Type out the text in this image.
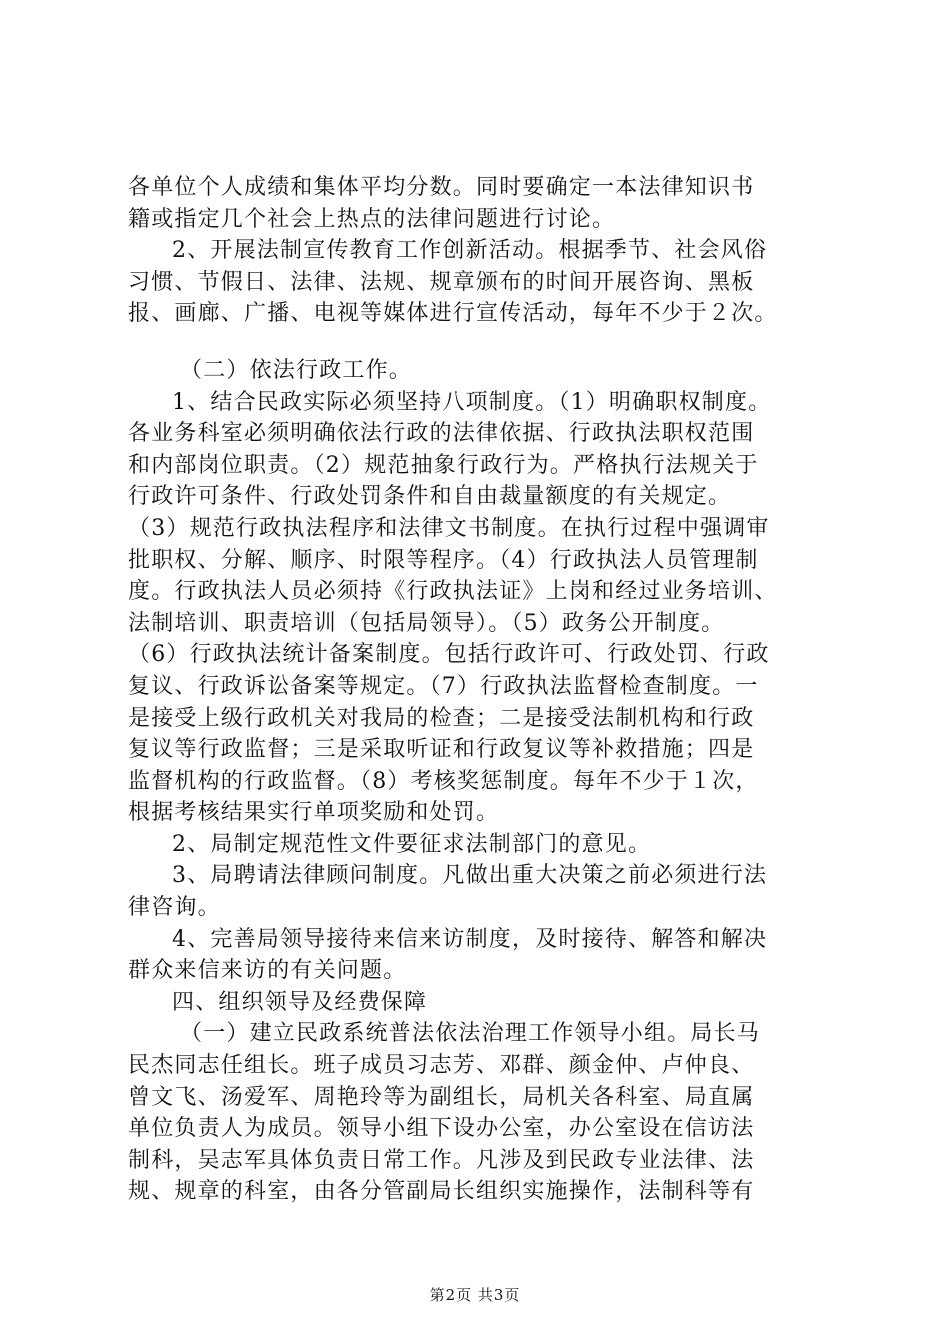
各单位个人成绩和集体平均分数。同时要确定一本法律知识书
籍或指定几个社会上热点的法律问题进行讨论。
2、开展法制宣传教育工作创新活动。根据季节、社会风俗
习惯、节假日、法律、法规、规章颁布的时间开展咨询、黑板
报、画廊、广播、电视等媒体进行宣传活动，每年不少于２次。
（二）依法行政工作。
1、结合民政实际必须坚持八项制度。（1）明确职权制度。
各业务科室必须明确依法行政的法律依据、行政执法职权范围
和内部岗位职责。（2）规范抽象行政行为。严格执行法规关于
行政许可条件、行政处罚条件和自由裁量额度的有关规定。
（3）规范行政执法程序和法律文书制度。在执行过程中强调审
批职权、分解、顺序、时限等程序。（4）行政执法人员管理制
度。行政执法人员必须持《行政执法证》上岗和经过业务培训、
法制培训、职责培训（包括局领导）。（5）政务公开制度。
（6）行政执法统计备案制度。包括行政许可、行政处罚、行政
复议、行政诉讼备案等规定。（7）行政执法监督检查制度。一
是接受上级行政机关对我局的检查；二是接受法制机构和行政
复议等行政监督；三是采取听证和行政复议等补救措施；四是
监督机构的行政监督。（8）考核奖惩制度。每年不少于１次，
根据考核结果实行单项奖励和处罚。
2、局制定规范性文件要征求法制部门的意见。
3、局聘请法律顾问制度。凡做出重大决策之前必须进行法
律咨询。
4、完善局领导接待来信来访制度，及时接待、解答和解决
群众来信来访的有关问题。
四、组织领导及经费保障
（一）建立民政系统普法依法治理工作领导小组。局长马
民杰同志任组长。班子成员习志芳、邓群、颜金仲、卢仲良、
曾文飞、汤爱军、周艳玲等为副组长，局机关各科室、局直属
单位负责人为成员。领导小组下设办公室，办公室设在信访法
制科，吴志军具体负责日常工作。凡涉及到民政专业法律、法
规、规章的科室，由各分管副局长组织实施操作，法制科等有
第2页 共3页
